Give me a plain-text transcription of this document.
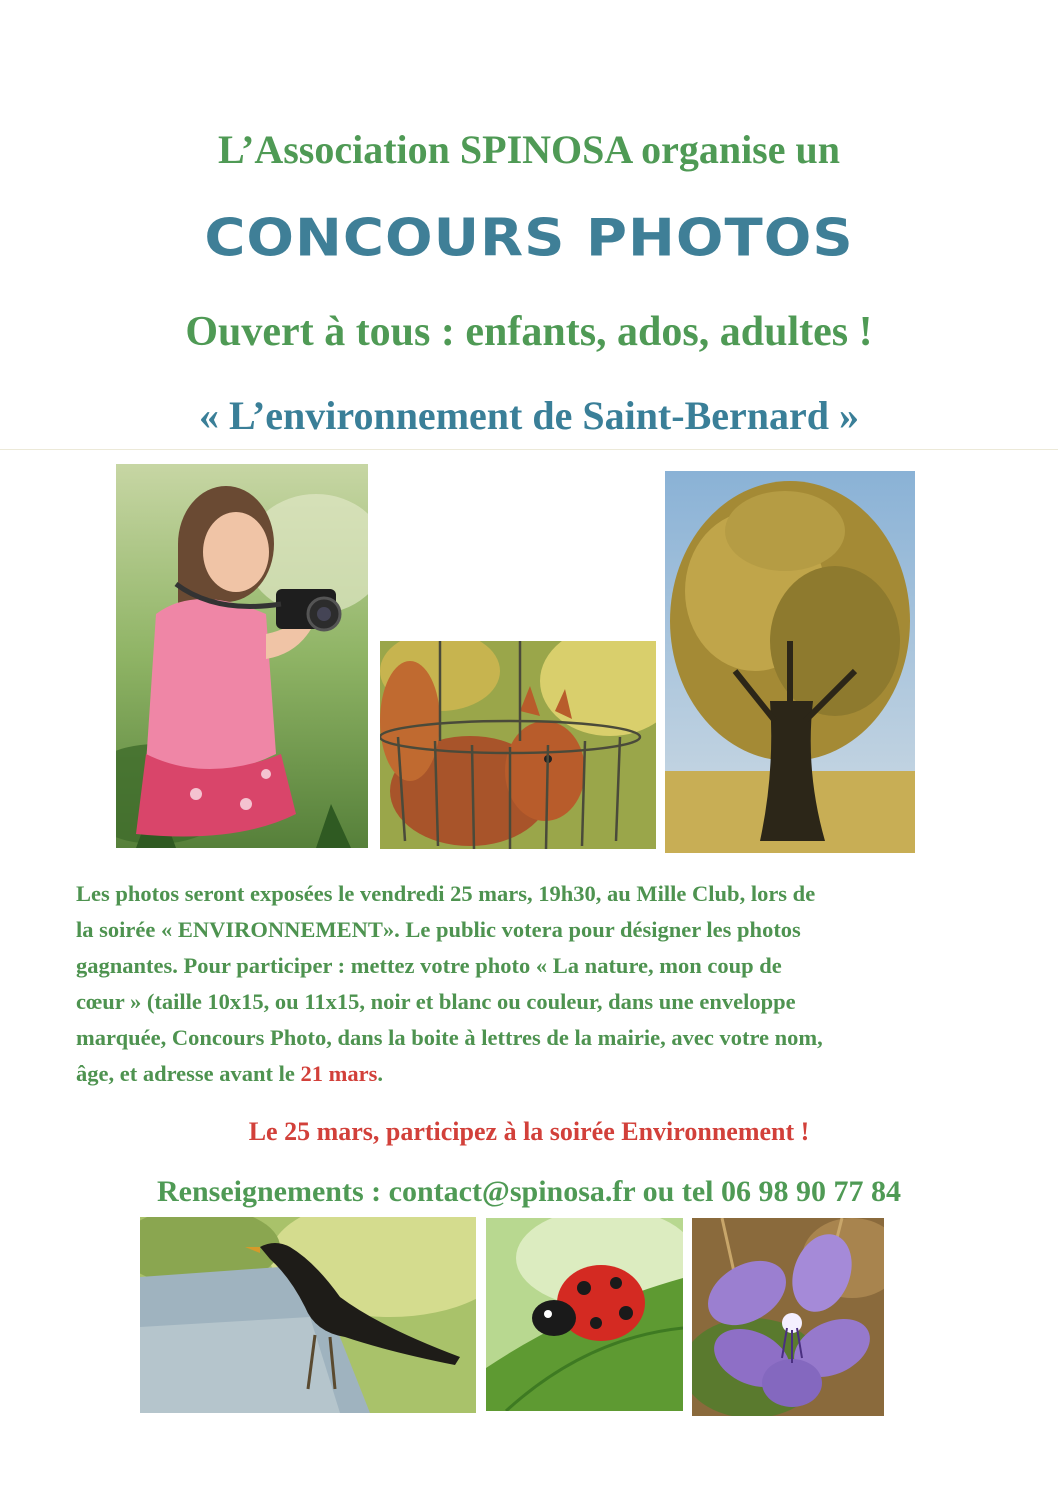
L’Association SPINOSA organise un
CONCOURS PHOTOS
Ouvert à tous : enfants, ados, adultes !
« L’environnement de Saint-Bernard »
Les photos seront exposées le vendredi 25 mars, 19h30, au Mille Club, lors de
la soirée « ENVIRONNEMENT». Le public votera pour désigner les photos
gagnantes. Pour participer : mettez votre photo « La nature, mon coup de
cœur » (taille 10x15, ou 11x15, noir et blanc ou couleur, dans une enveloppe
marquée, Concours Photo, dans la boite à lettres de la mairie, avec votre nom,
âge, et adresse avant le 21 mars.
Le 25 mars, participez à la soirée Environnement !
Renseignements : contact@spinosa.fr ou tel 06 98 90 77 84
